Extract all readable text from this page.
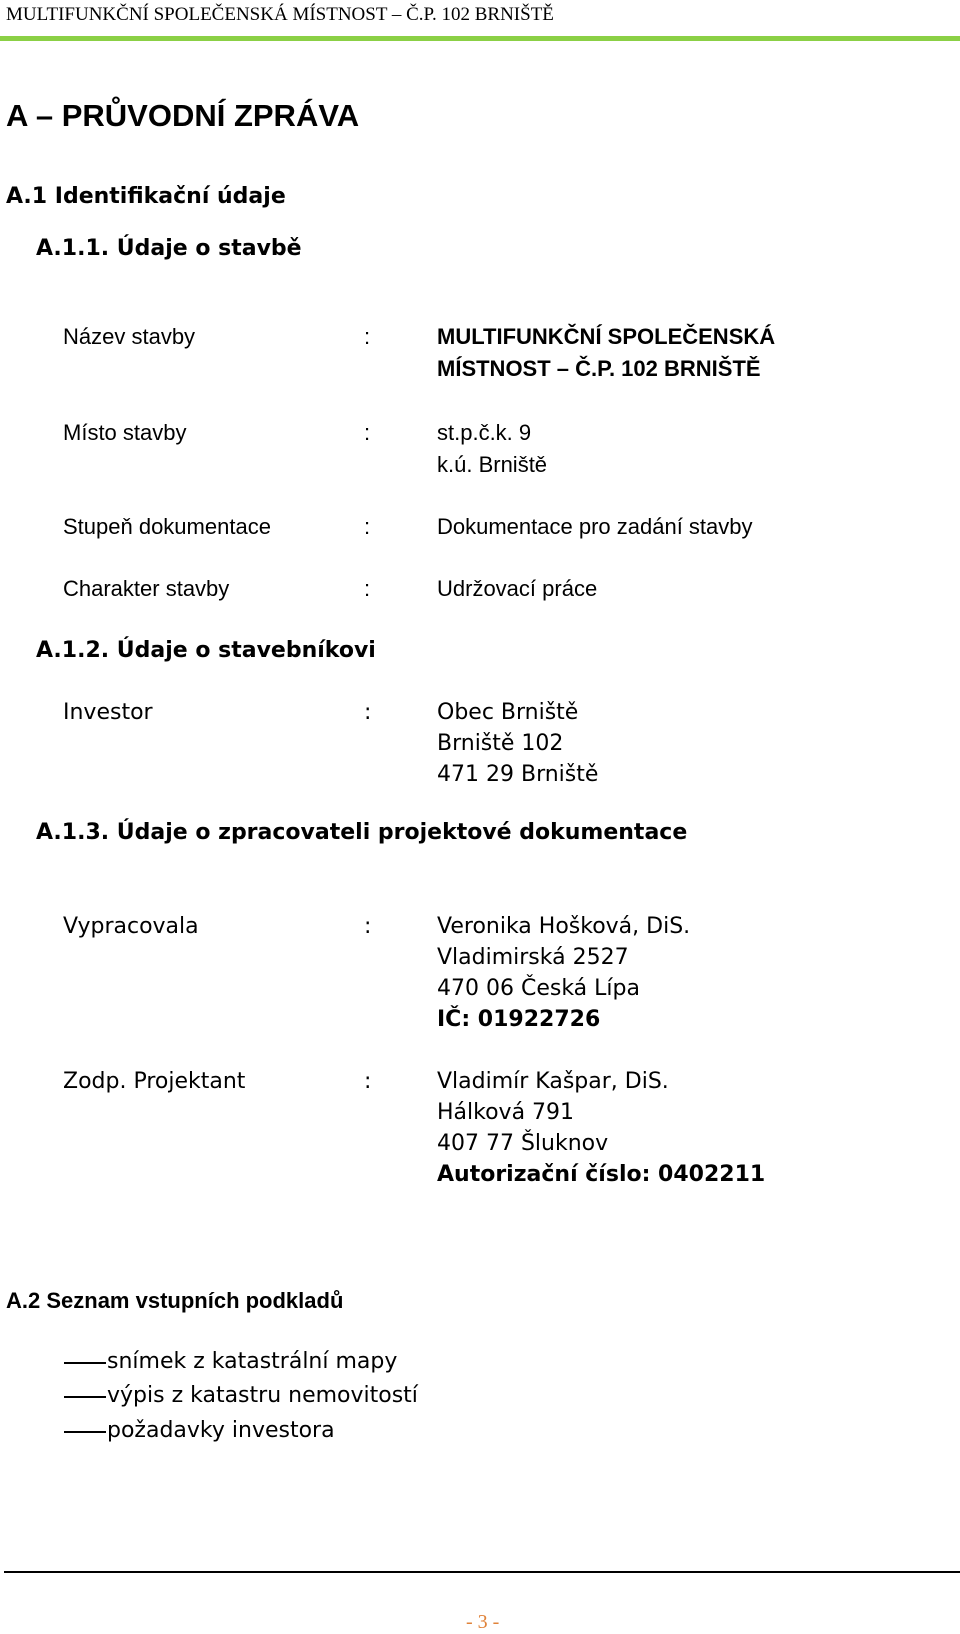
MULTIFUNKČNÍ SPOLEČENSKÁ MÍSTNOST – Č.P. 102 BRNIŠTĚ
A – PRŮVODNÍ ZPRÁVA
A.1 Identifikační údaje
A.1.1. Údaje o stavbě
Název stavby	:	MULTIFUNKČNÍ SPOLEČENSKÁ
MÍSTNOST – Č.P. 102 BRNIŠTĚ
Místo stavby	:	st.p.č.k. 9
k.ú. Brniště
Stupeň dokumentace	:	Dokumentace pro zadání stavby
Charakter stavby	:	Udržovací práce
A.1.2. Údaje o stavebníkovi
Investor	:	Obec Brniště
Brniště 102
471 29 Brniště
A.1.3. Údaje o zpracovateli projektové dokumentace
Vypracovala	:	Veronika Hošková, DiS.
Vladimirská 2527
470 06 Česká Lípa
IČ: 01922726
Zodp. Projektant	:	Vladimír Kašpar, DiS.
Hálková 791
407 77 Šluknov
Autorizační číslo: 0402211
A.2 Seznam vstupních podkladů
snímek z katastrální mapy
výpis z katastru nemovitostí
požadavky investora
- 3 -
